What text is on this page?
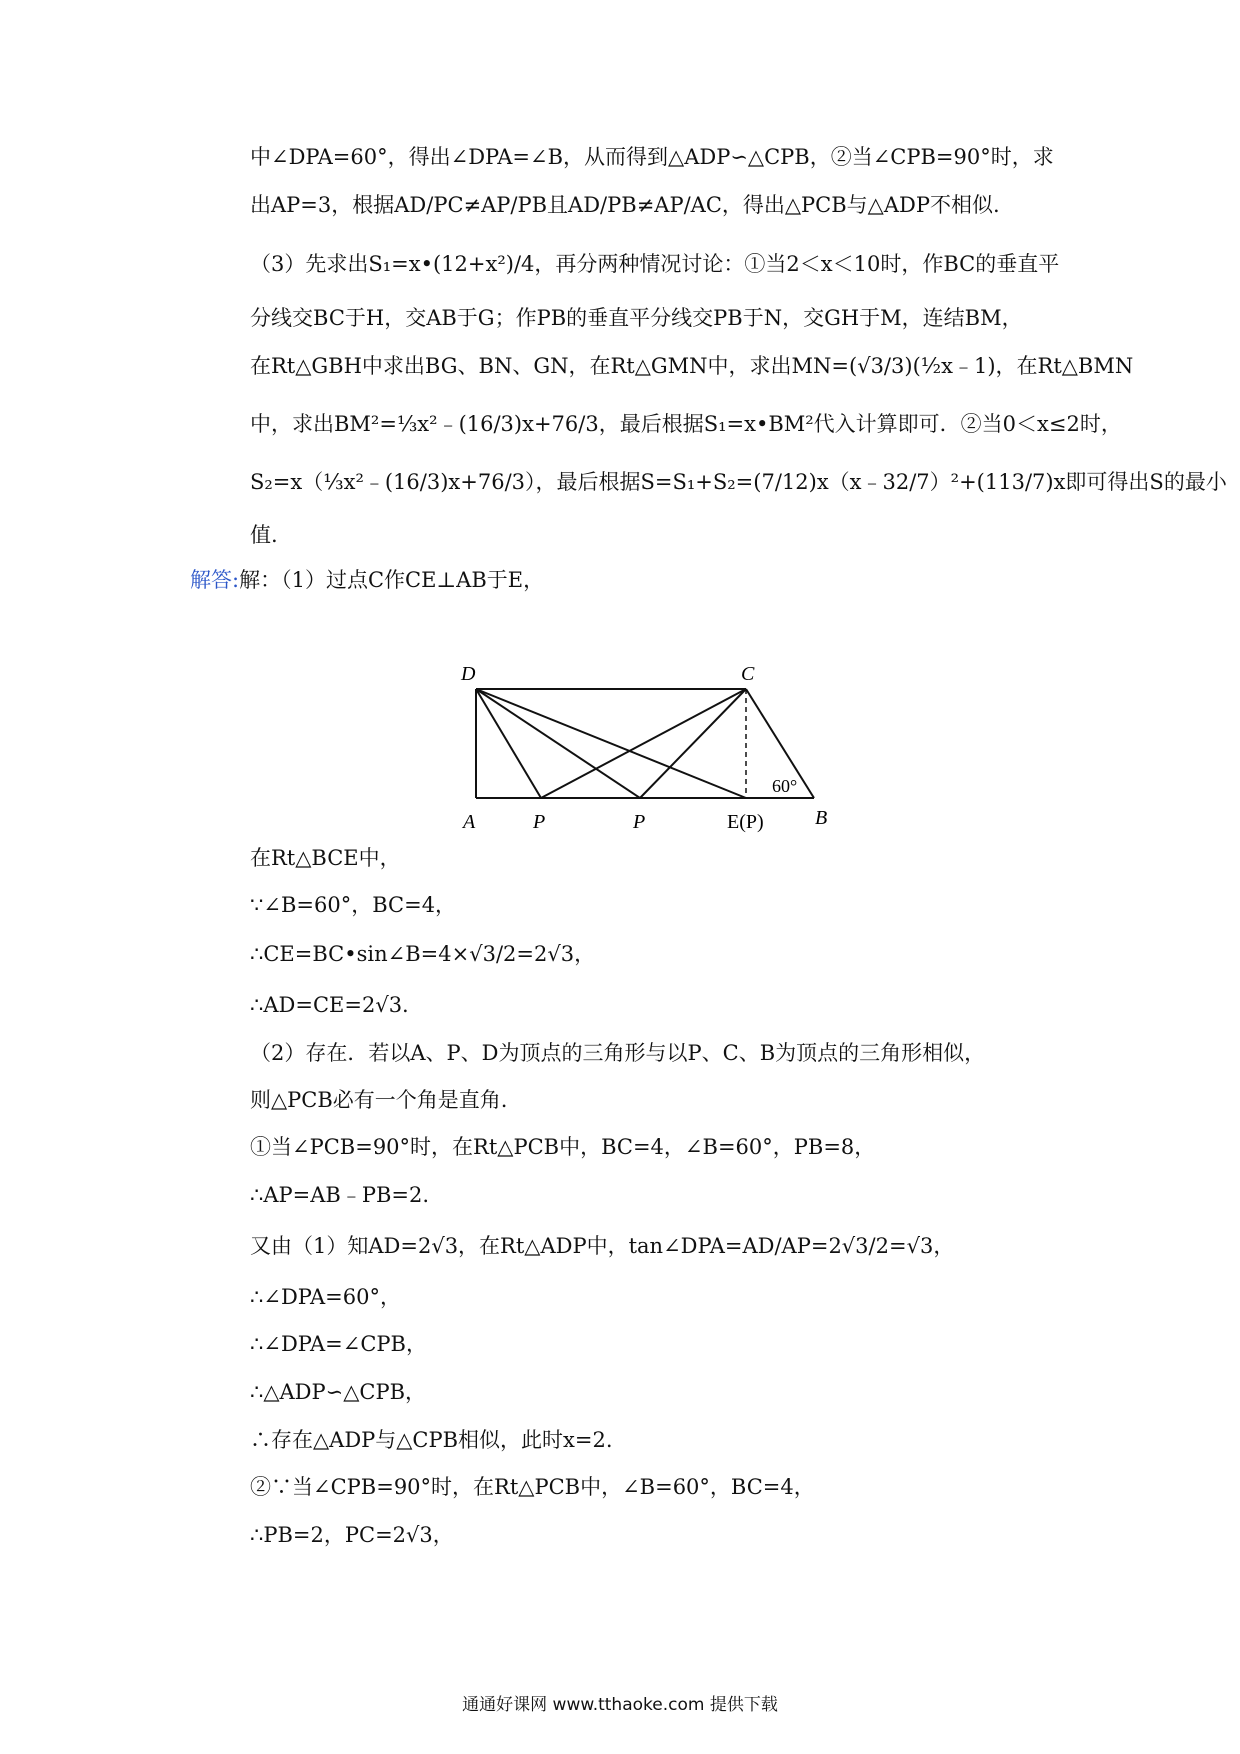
中∠DPA=60°，得出∠DPA=∠B，从而得到△ADP∽△CPB，②当∠CPB=90°时，求
出AP=3，根据AD/PC≠AP/PB且AD/PB≠AP/AC，得出△PCB与△ADP不相似.
（3）先求出S₁=x•(12+x²)/4，再分两种情况讨论：①当2＜x＜10时，作BC的垂直平
分线交BC于H，交AB于G；作PB的垂直平分线交PB于N，交GH于M，连结BM，
在Rt△GBH中求出BG、BN、GN，在Rt△GMN中，求出MN=(√3/3)(½x﹣1)，在Rt△BMN
中，求出BM²=⅓x²﹣(16/3)x+76/3，最后根据S₁=x•BM²代入计算即可．②当0＜x≤2时，
S₂=x（⅓x²﹣(16/3)x+76/3），最后根据S=S₁+S₂=(7/12)x（x﹣32/7）²+(113/7)x即可得出S的最小
值.
解答:解：（1）过点C作CE⊥AB于E，
D	C
A	P	P	E(P)	B
60°
在Rt△BCE中，
∵∠B=60°，BC=4，
∴CE=BC•sin∠B=4×√3/2=2√3，
∴AD=CE=2√3.
（2）存在．若以A、P、D为顶点的三角形与以P、C、B为顶点的三角形相似，
则△PCB必有一个角是直角.
①当∠PCB=90°时，在Rt△PCB中，BC=4，∠B=60°，PB=8，
∴AP=AB﹣PB=2.
又由（1）知AD=2√3，在Rt△ADP中，tan∠DPA=AD/AP=2√3/2=√3，
∴∠DPA=60°，
∴∠DPA=∠CPB，
∴△ADP∽△CPB，
∴存在△ADP与△CPB相似，此时x=2.
②∵当∠CPB=90°时，在Rt△PCB中，∠B=60°，BC=4，
∴PB=2，PC=2√3，
通通好课网 www.tthaoke.com 提供下载
